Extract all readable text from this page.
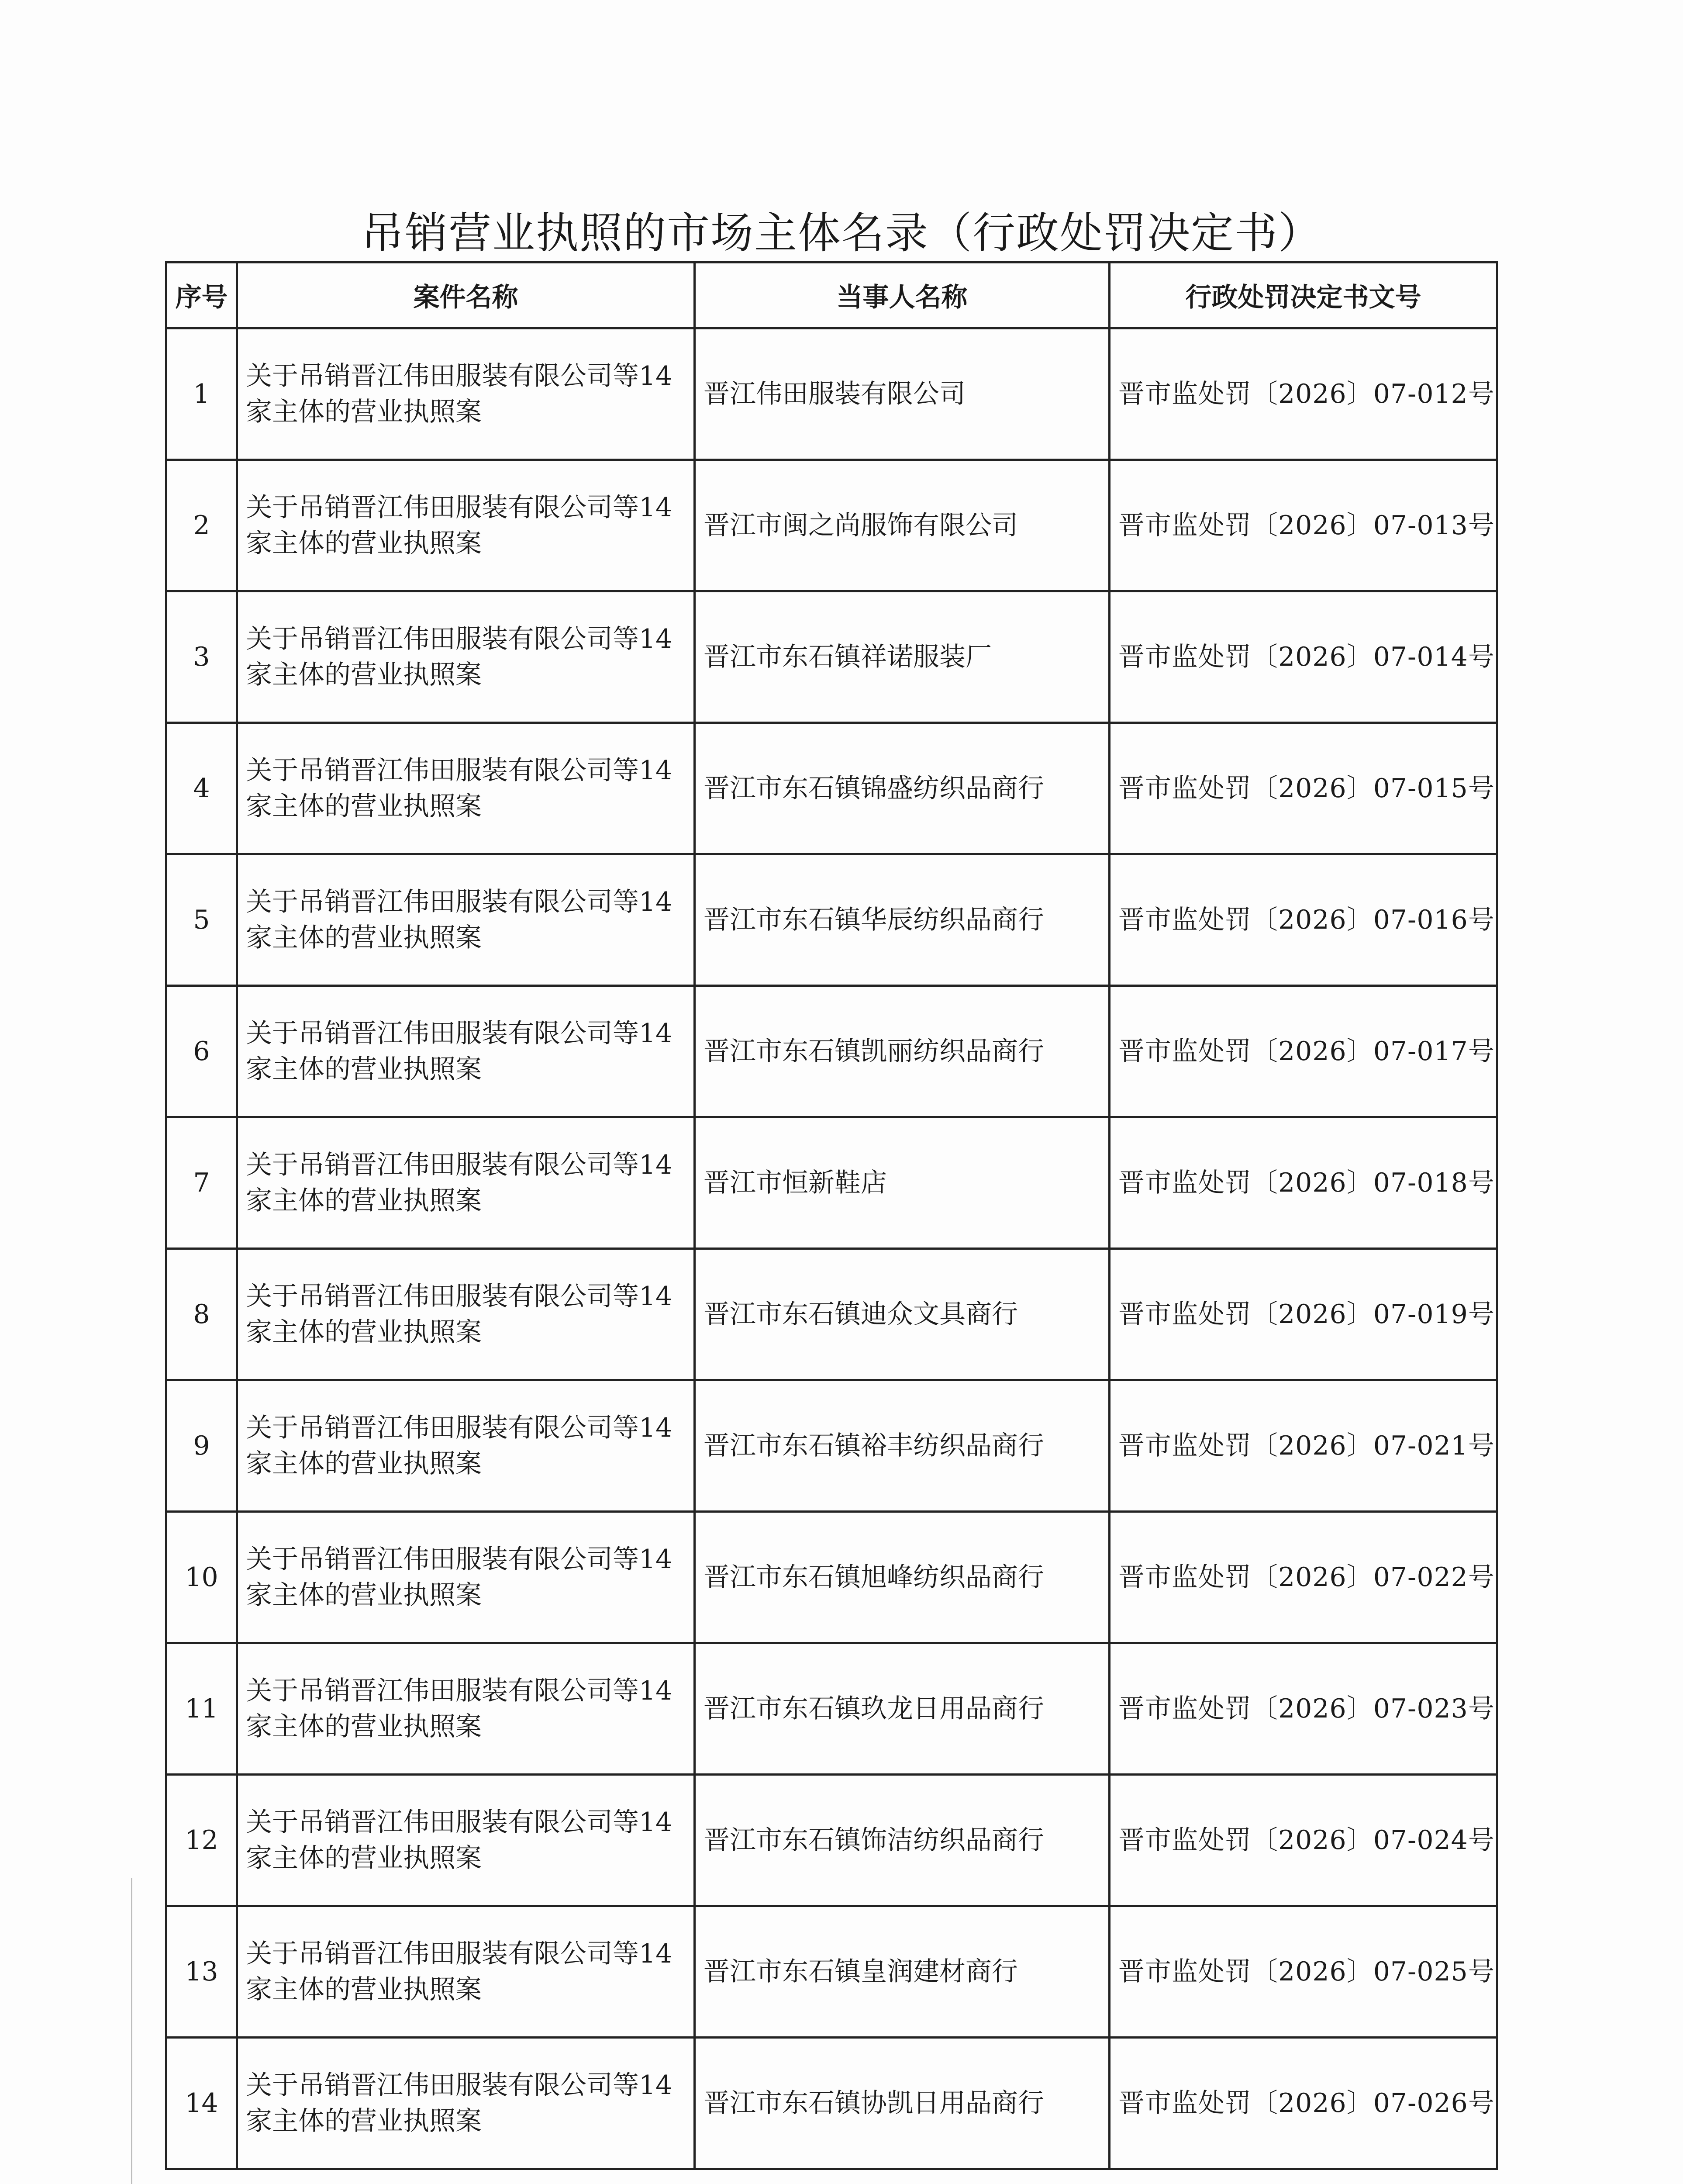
吊销营业执照的市场主体名录（行政处罚决定书）
序号	案件名称	当事人名称	行政处罚决定书文号
1	关于吊销晋江伟田服装有限公司等14家主体的营业执照案	晋江伟田服装有限公司	晋市监处罚〔2026〕07-012号
2	关于吊销晋江伟田服装有限公司等14家主体的营业执照案	晋江市闽之尚服饰有限公司	晋市监处罚〔2026〕07-013号
3	关于吊销晋江伟田服装有限公司等14家主体的营业执照案	晋江市东石镇祥诺服装厂	晋市监处罚〔2026〕07-014号
4	关于吊销晋江伟田服装有限公司等14家主体的营业执照案	晋江市东石镇锦盛纺织品商行	晋市监处罚〔2026〕07-015号
5	关于吊销晋江伟田服装有限公司等14家主体的营业执照案	晋江市东石镇华辰纺织品商行	晋市监处罚〔2026〕07-016号
6	关于吊销晋江伟田服装有限公司等14家主体的营业执照案	晋江市东石镇凯丽纺织品商行	晋市监处罚〔2026〕07-017号
7	关于吊销晋江伟田服装有限公司等14家主体的营业执照案	晋江市恒新鞋店	晋市监处罚〔2026〕07-018号
8	关于吊销晋江伟田服装有限公司等14家主体的营业执照案	晋江市东石镇迪众文具商行	晋市监处罚〔2026〕07-019号
9	关于吊销晋江伟田服装有限公司等14家主体的营业执照案	晋江市东石镇裕丰纺织品商行	晋市监处罚〔2026〕07-021号
10	关于吊销晋江伟田服装有限公司等14家主体的营业执照案	晋江市东石镇旭峰纺织品商行	晋市监处罚〔2026〕07-022号
11	关于吊销晋江伟田服装有限公司等14家主体的营业执照案	晋江市东石镇玖龙日用品商行	晋市监处罚〔2026〕07-023号
12	关于吊销晋江伟田服装有限公司等14家主体的营业执照案	晋江市东石镇饰洁纺织品商行	晋市监处罚〔2026〕07-024号
13	关于吊销晋江伟田服装有限公司等14家主体的营业执照案	晋江市东石镇皇润建材商行	晋市监处罚〔2026〕07-025号
14	关于吊销晋江伟田服装有限公司等14家主体的营业执照案	晋江市东石镇协凯日用品商行	晋市监处罚〔2026〕07-026号
